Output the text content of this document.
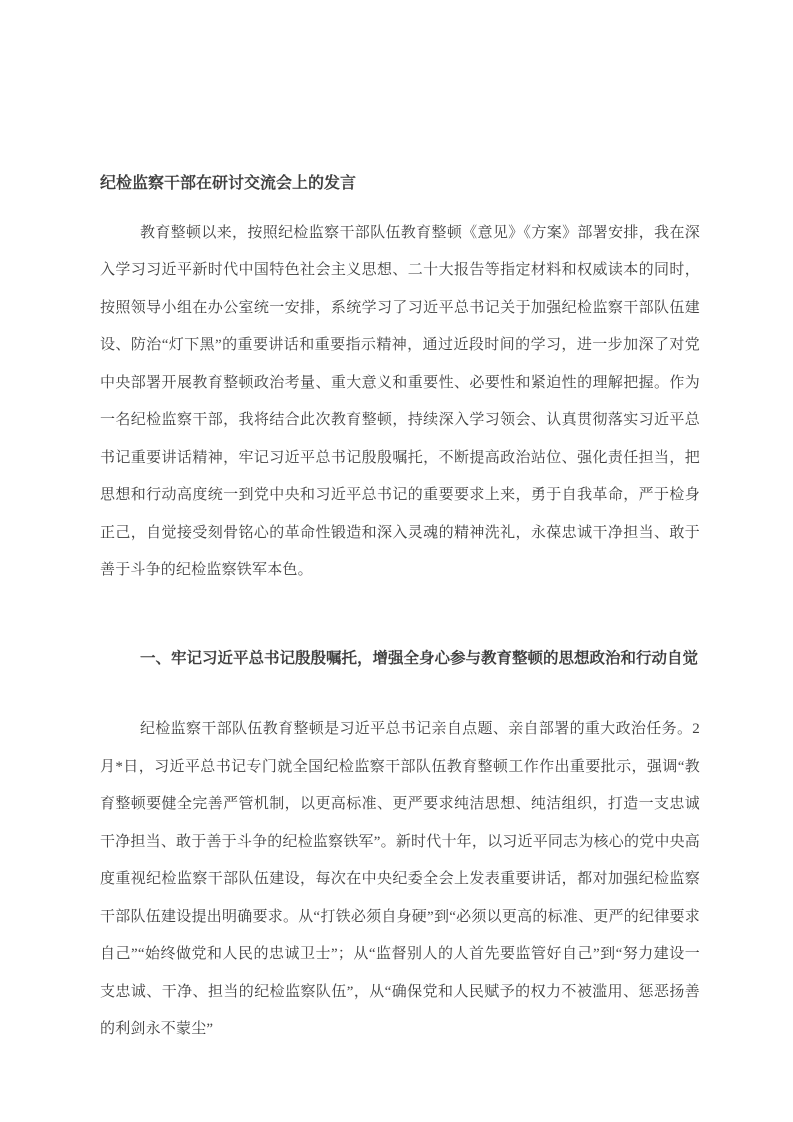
纪检监察干部在研讨交流会上的发言

教育整顿以来，按照纪检监察干部队伍教育整顿《意见》《方案》部署安排，我在深入学习习近平新时代中国特色社会主义思想、二十大报告等指定材料和权威读本的同时，按照领导小组在办公室统一安排，系统学习了习近平总书记关于加强纪检监察干部队伍建设、防治“灯下黑”的重要讲话和重要指示精神，通过近段时间的学习，进一步加深了对党中央部署开展教育整顿政治考量、重大意义和重要性、必要性和紧迫性的理解把握。作为一名纪检监察干部，我将结合此次教育整顿，持续深入学习领会、认真贯彻落实习近平总书记重要讲话精神，牢记习近平总书记殷殷嘱托，不断提高政治站位、强化责任担当，把思想和行动高度统一到党中央和习近平总书记的重要要求上来，勇于自我革命，严于检身正己，自觉接受刻骨铭心的革命性锻造和深入灵魂的精神洗礼，永葆忠诚干净担当、敢于善于斗争的纪检监察铁军本色。

一、牢记习近平总书记殷殷嘱托，增强全身心参与教育整顿的思想政治和行动自觉

纪检监察干部队伍教育整顿是习近平总书记亲自点题、亲自部署的重大政治任务。2 月*日，习近平总书记专门就全国纪检监察干部队伍教育整顿工作作出重要批示，强调“教育整顿要健全完善严管机制，以更高标准、更严要求纯洁思想、纯洁组织，打造一支忠诚干净担当、敢于善于斗争的纪检监察铁军”。新时代十年，以习近平同志为核心的党中央高度重视纪检监察干部队伍建设，每次在中央纪委全会上发表重要讲话，都对加强纪检监察干部队伍建设提出明确要求。从“打铁必须自身硬”到“必须以更高的标准、更严的纪律要求自己”“始终做党和人民的忠诚卫士”；从“监督别人的人首先要监管好自己”到“努力建设一支忠诚、干净、担当的纪检监察队伍”，从“确保党和人民赋予的权力不被滥用、惩恶扬善的利剑永不蒙尘”
